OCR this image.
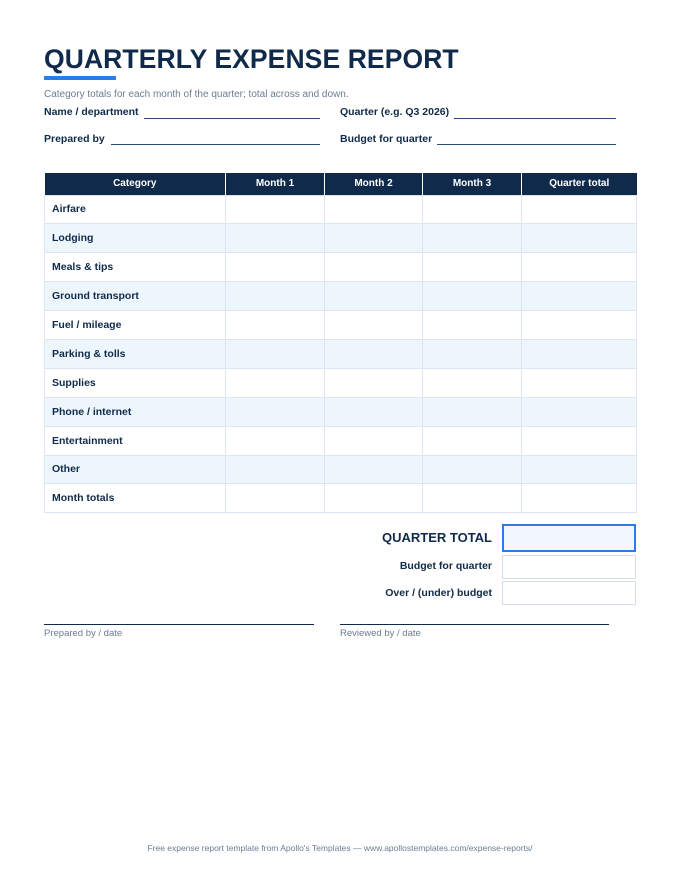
QUARTERLY EXPENSE REPORT
Category totals for each month of the quarter; total across and down.
Name / department	Quarter (e.g. Q3 2026)
Prepared by	Budget for quarter
Category	Month 1	Month 2	Month 3	Quarter total
Airfare				
Lodging				
Meals & tips				
Ground transport				
Fuel / mileage				
Parking & tolls				
Supplies				
Phone / internet				
Entertainment				
Other				
Month totals				
QUARTER TOTAL
Budget for quarter
Over / (under) budget
Prepared by / date	Reviewed by / date
Free expense report template from Apollo's Templates — www.apollostemplates.com/expense-reports/
